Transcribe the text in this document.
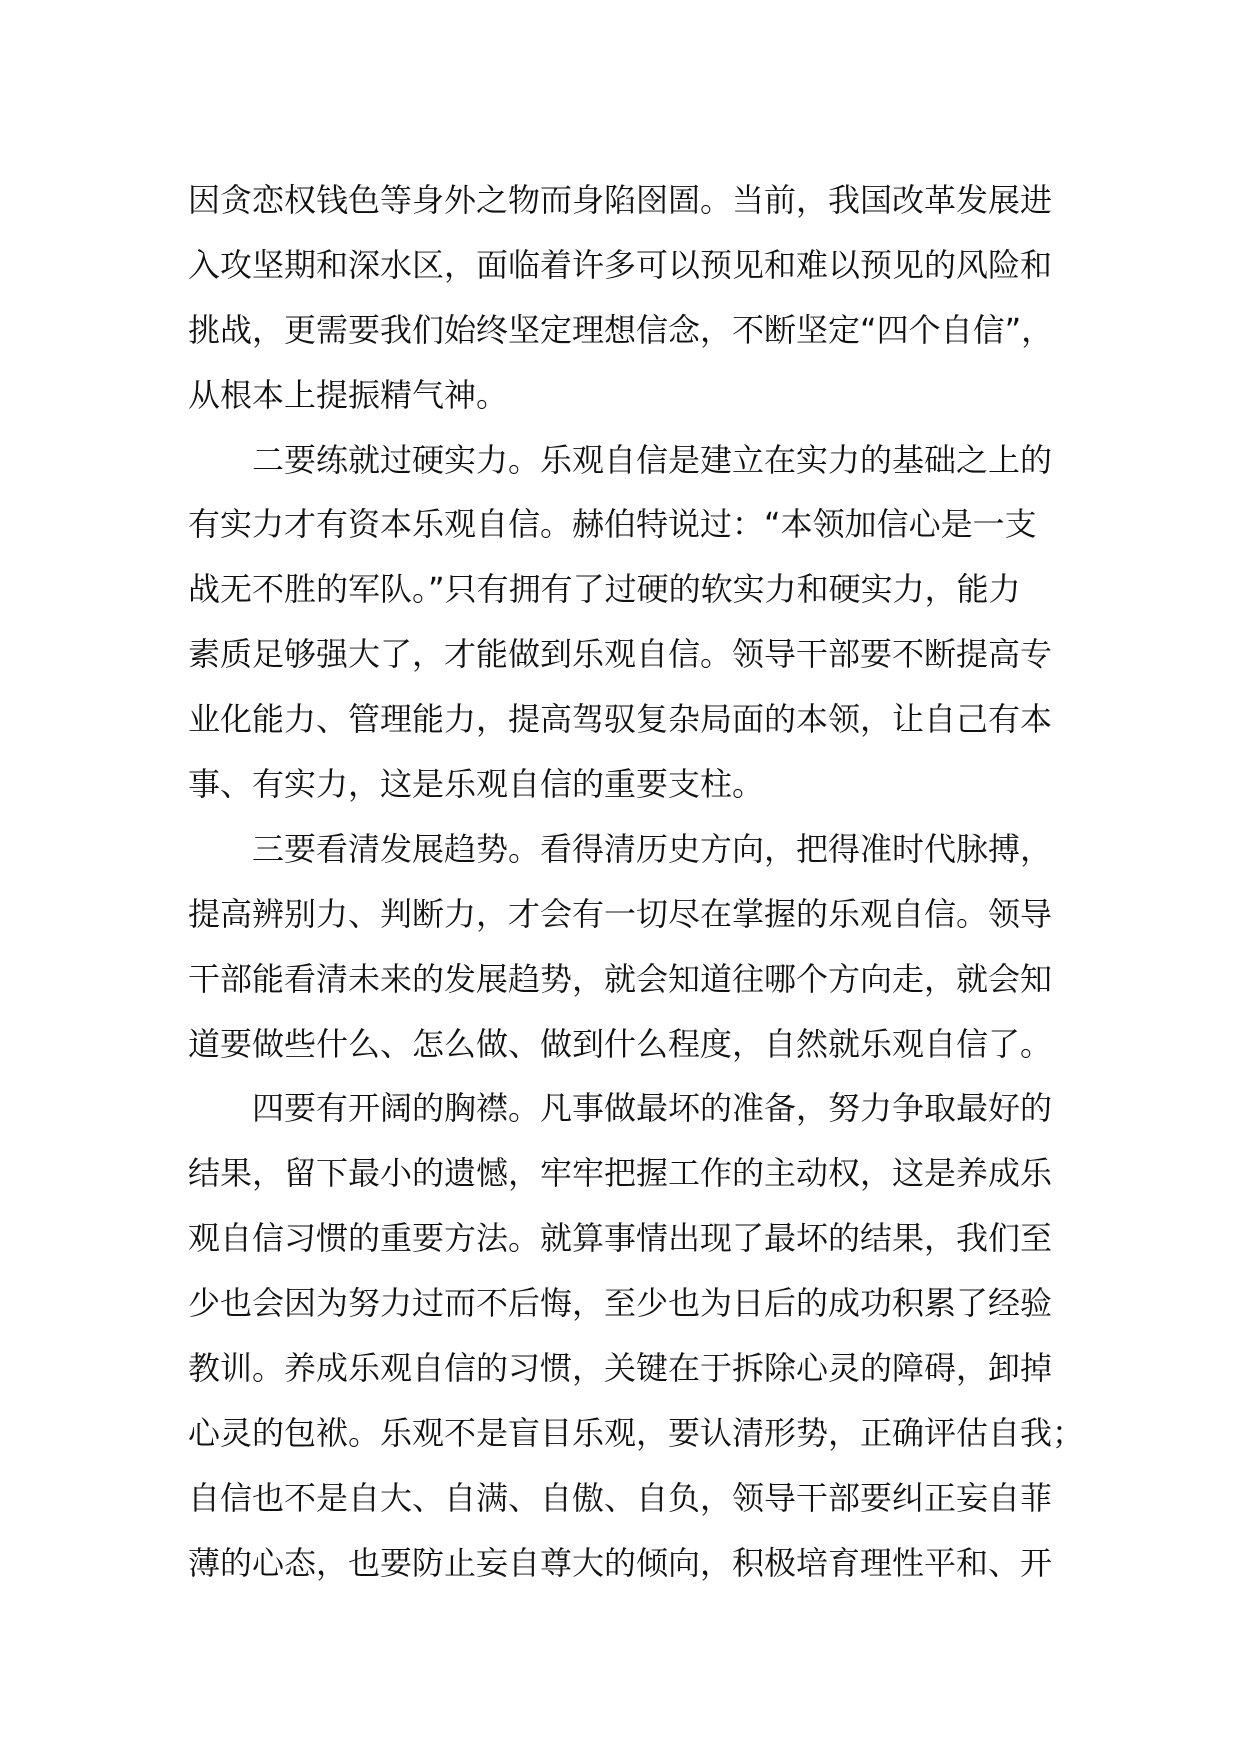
因贪恋权钱色等身外之物而身陷囹圄。当前，我国改革发展进
入攻坚期和深水区，面临着许多可以预见和难以预见的风险和
挑战，更需要我们始终坚定理想信念，不断坚定“四个自信”，
从根本上提振精气神。
二要练就过硬实力。乐观自信是建立在实力的基础之上的
有实力才有资本乐观自信。赫伯特说过：“本领加信心是一支
战无不胜的军队。”只有拥有了过硬的软实力和硬实力，能力
素质足够强大了，才能做到乐观自信。领导干部要不断提高专
业化能力、管理能力，提高驾驭复杂局面的本领，让自己有本
事、有实力，这是乐观自信的重要支柱。
三要看清发展趋势。看得清历史方向，把得准时代脉搏，
提高辨别力、判断力，才会有一切尽在掌握的乐观自信。领导
干部能看清未来的发展趋势，就会知道往哪个方向走，就会知
道要做些什么、怎么做、做到什么程度，自然就乐观自信了。
四要有开阔的胸襟。凡事做最坏的准备，努力争取最好的
结果，留下最小的遗憾，牢牢把握工作的主动权，这是养成乐
观自信习惯的重要方法。就算事情出现了最坏的结果，我们至
少也会因为努力过而不后悔，至少也为日后的成功积累了经验
教训。养成乐观自信的习惯，关键在于拆除心灵的障碍，卸掉
心灵的包袱。乐观不是盲目乐观，要认清形势，正确评估自我；
自信也不是自大、自满、自傲、自负，领导干部要纠正妄自菲
薄的心态，也要防止妄自尊大的倾向，积极培育理性平和、开
